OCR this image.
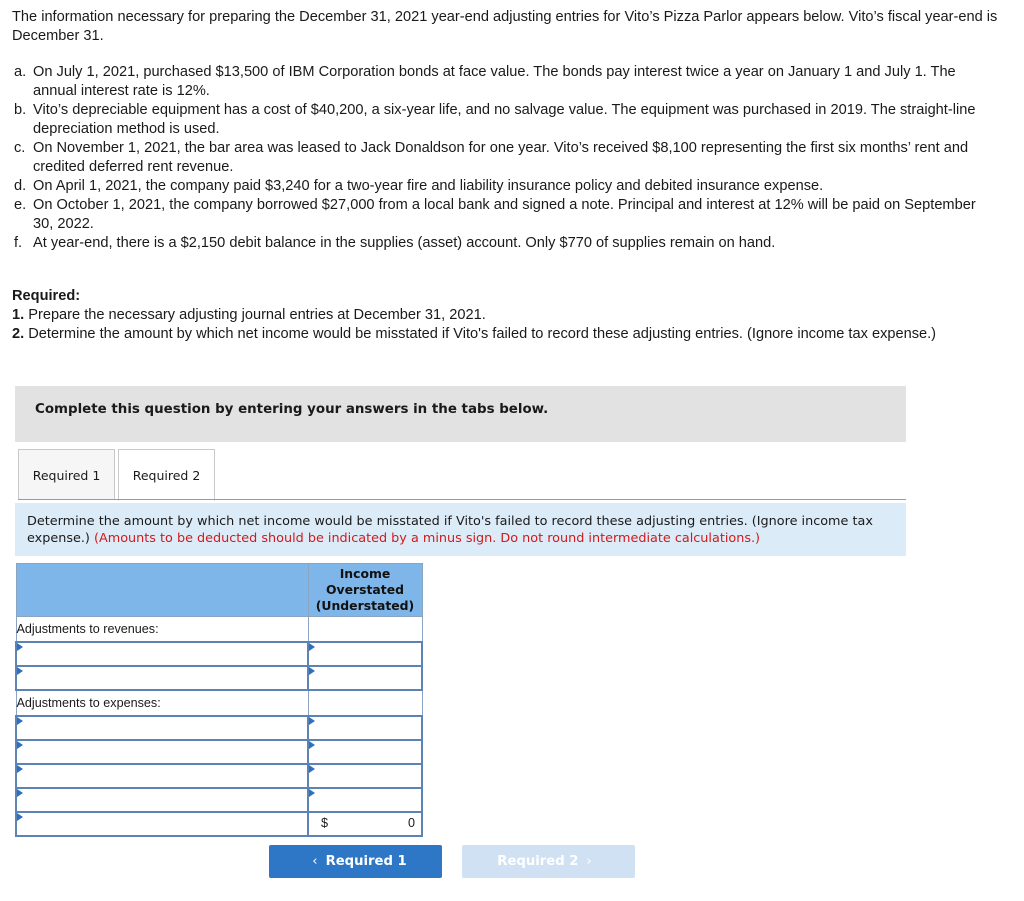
The information necessary for preparing the December 31, 2021 year-end adjusting entries for Vito’s Pizza Parlor appears below. Vito’s fiscal year-end is December 31.

a. On July 1, 2021, purchased $13,500 of IBM Corporation bonds at face value. The bonds pay interest twice a year on January 1 and July 1. The annual interest rate is 12%.
b. Vito’s depreciable equipment has a cost of $40,200, a six-year life, and no salvage value. The equipment was purchased in 2019. The straight-line depreciation method is used.
c. On November 1, 2021, the bar area was leased to Jack Donaldson for one year. Vito’s received $8,100 representing the first six months’ rent and credited deferred rent revenue.
d. On April 1, 2021, the company paid $3,240 for a two-year fire and liability insurance policy and debited insurance expense.
e. On October 1, 2021, the company borrowed $27,000 from a local bank and signed a note. Principal and interest at 12% will be paid on September 30, 2022.
f. At year-end, there is a $2,150 debit balance in the supplies (asset) account. Only $770 of supplies remain on hand.
Required:
1. Prepare the necessary adjusting journal entries at December 31, 2021.
2. Determine the amount by which net income would be misstated if Vito's failed to record these adjusting entries. (Ignore income tax expense.)
Complete this question by entering your answers in the tabs below.
Required 1	Required 2
Determine the amount by which net income would be misstated if Vito's failed to record these adjusting entries. (Ignore income tax expense.) (Amounts to be deducted should be indicated by a minus sign. Do not round intermediate calculations.)
	Income Overstated (Understated)
Adjustments to revenues:	

Adjustments to expenses:	

	$ 0
‹ Required 1	Required 2 ›
